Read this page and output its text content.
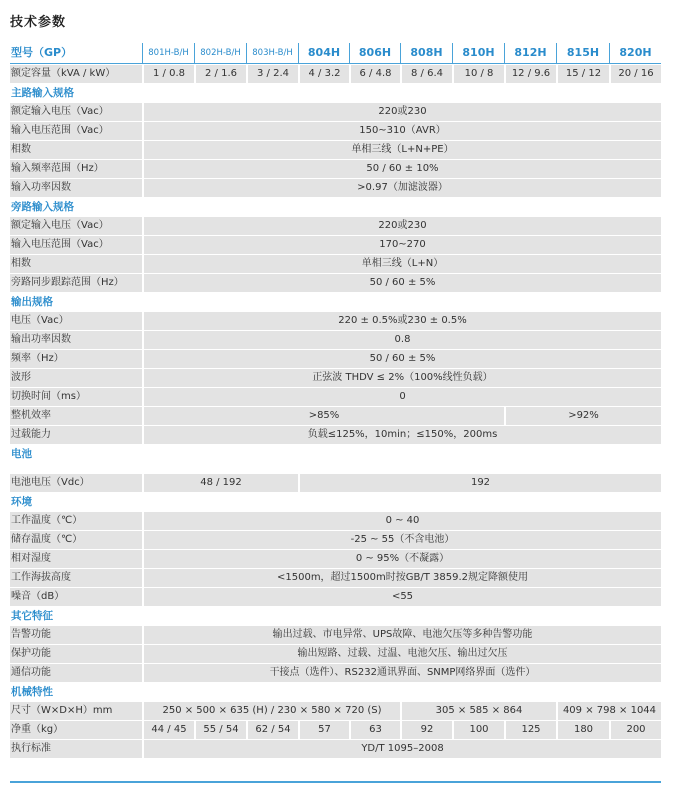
技术参数
型号（GP）	801H-B/H	802H-B/H	803H-B/H	804H	806H	808H	810H	812H	815H	820H
额定容量（kVA / kW）	1 / 0.8	2 / 1.6	3 / 2.4	4 / 3.2	6 / 4.8	8 / 6.4	10 / 8	12 / 9.6	15 / 12	20 / 16
主路输入规格										
额定输入电压（Vac）	220或230									
输入电压范围（Vac）	150~310（AVR）									
相数	单相三线（L+N+PE）									
输入频率范围（Hz）	50 / 60 ± 10%									
输入功率因数	>0.97（加滤波器）									
旁路输入规格										
额定输入电压（Vac）	220或230									
输入电压范围（Vac）	170~270									
相数	单相三线（L+N）									
旁路同步跟踪范围（Hz）	50 / 60 ± 5%									
输出规格										
电压（Vac）	220 ± 0.5%或230 ± 0.5%									
输出功率因数	0.8									
频率（Hz）	50 / 60 ± 5%									
波形	正弦波 THDV ≤ 2%（100%线性负载）									
切换时间（ms）	0									
整机效率	>85%							>92%		
过载能力	负载≤125%，10min；≤150%，200ms									
电池										
电池电压（Vdc）	48 / 192			192						
环境										
工作温度（℃）	0 ~ 40									
储存温度（℃）	-25 ~ 55（不含电池）									
相对湿度	0 ~ 95%（不凝露）									
工作海拔高度	<1500m，超过1500m时按GB/T 3859.2规定降额使用									
噪音（dB）	<55									
其它特征										
告警功能	输出过载、市电异常、UPS故障、电池欠压等多种告警功能									
保护功能	输出短路、过载、过温、电池欠压、输出过欠压									
通信功能	干接点（选件）、RS232通讯界面、SNMP网络界面（选件）									
机械特性										
尺寸（W×D×H）mm	250 × 500 × 635 (H) / 230 × 580 × 720 (S)					305 × 585 × 864			409 × 798 × 1044	
净重（kg）	44 / 45	55 / 54	62 / 54	57	63	92	100	125	180	200
执行标准	YD/T 1095–2008									
